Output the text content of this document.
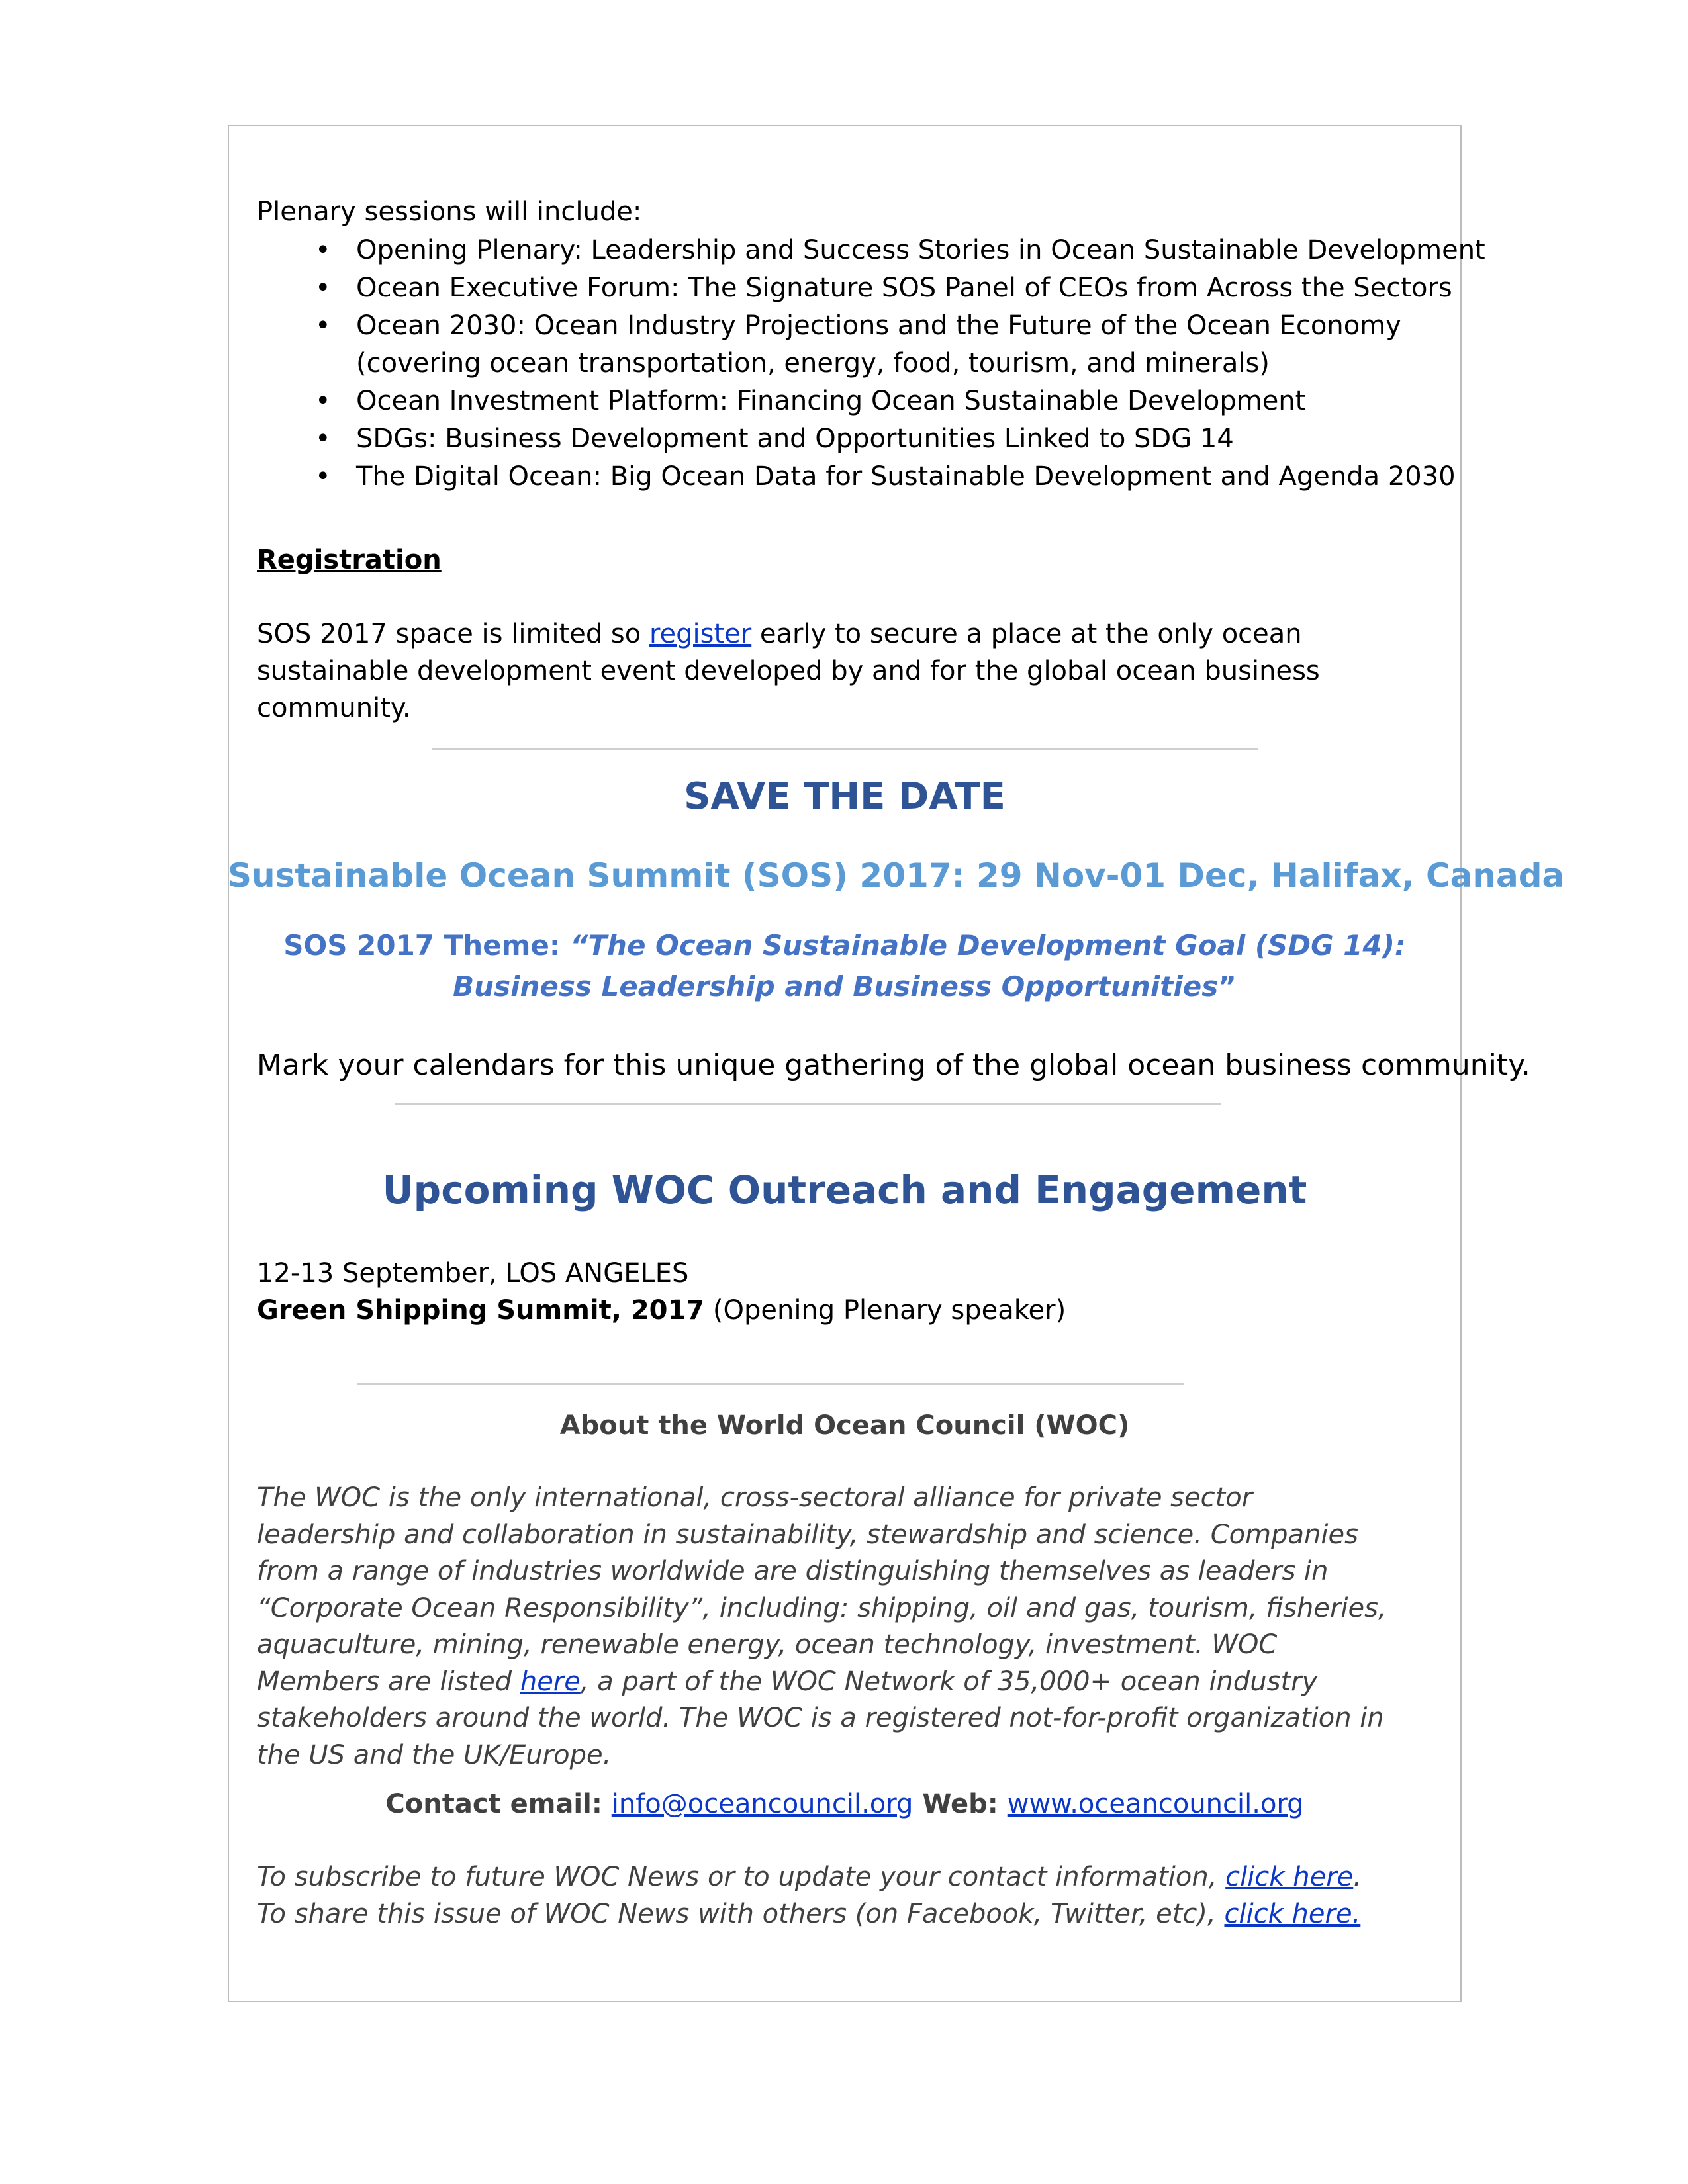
Plenary sessions will include:
• Opening Plenary: Leadership and Success Stories in Ocean Sustainable Development
• Ocean Executive Forum: The Signature SOS Panel of CEOs from Across the Sectors
• Ocean 2030: Ocean Industry Projections and the Future of the Ocean Economy
(covering ocean transportation, energy, food, tourism, and minerals)
• Ocean Investment Platform: Financing Ocean Sustainable Development
• SDGs: Business Development and Opportunities Linked to SDG 14
• The Digital Ocean: Big Ocean Data for Sustainable Development and Agenda 2030
Registration
SOS 2017 space is limited so register early to secure a place at the only ocean sustainable development event developed by and for the global ocean business community.
SAVE THE DATE
Sustainable Ocean Summit (SOS) 2017: 29 Nov-01 Dec, Halifax, Canada
SOS 2017 Theme: “The Ocean Sustainable Development Goal (SDG 14):
Business Leadership and Business Opportunities”
Mark your calendars for this unique gathering of the global ocean business community.
Upcoming WOC Outreach and Engagement
12-13 September, LOS ANGELES
Green Shipping Summit, 2017 (Opening Plenary speaker)
About the World Ocean Council (WOC)
The WOC is the only international, cross-sectoral alliance for private sector leadership and collaboration in sustainability, stewardship and science. Companies from a range of industries worldwide are distinguishing themselves as leaders in “Corporate Ocean Responsibility”, including: shipping, oil and gas, tourism, fisheries, aquaculture, mining, renewable energy, ocean technology, investment. WOC Members are listed here, a part of the WOC Network of 35,000+ ocean industry stakeholders around the world. The WOC is a registered not-for-profit organization in the US and the UK/Europe.
Contact email: info@oceancouncil.org Web: www.oceancouncil.org
To subscribe to future WOC News or to update your contact information, click here.
To share this issue of WOC News with others (on Facebook, Twitter, etc), click here.
